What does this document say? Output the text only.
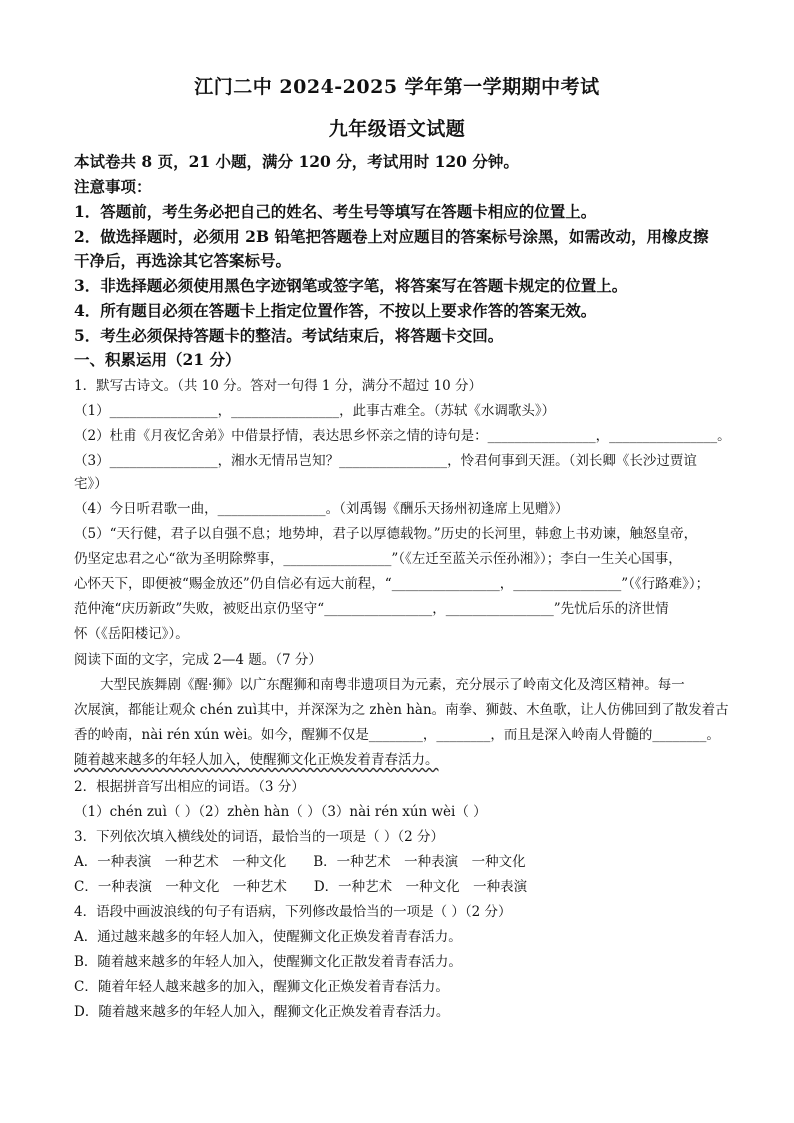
江门二中 2024-2025 学年第一学期期中考试
九年级语文试题
本试卷共 8 页，21 小题，满分 120 分，考试用时 120 分钟。
注意事项：
1．答题前，考生务必把自己的姓名、考生号等填写在答题卡相应的位置上。
2．做选择题时，必须用 2B 铅笔把答题卷上对应题目的答案标号涂黑，如需改动，用橡皮擦
干净后，再选涂其它答案标号。
3．非选择题必须使用黑色字迹钢笔或签字笔，将答案写在答题卡规定的位置上。
4．所有题目必须在答题卡上指定位置作答，不按以上要求作答的答案无效。
5．考生必须保持答题卡的整洁。考试结束后，将答题卡交回。
一、积累运用（21 分）
1．默写古诗文。（共 10 分。答对一句得 1 分，满分不超过 10 分）
（1）________________，________________，此事古难全。（苏轼《水调歌头》）
（2）杜甫《月夜忆舍弟》中借景抒情，表达思乡怀亲之情的诗句是：________________，________________。
（3）________________，湘水无情吊岂知？________________，怜君何事到天涯。（刘长卿《长沙过贾谊
宅》）
（4）今日听君歌一曲，________________。（刘禹锡《酬乐天扬州初逢席上见赠》）
（5）“天行健，君子以自强不息；地势坤，君子以厚德载物。”历史的长河里，韩愈上书劝谏，触怒皇帝，
仍坚定忠君之心“欲为圣明除弊事，________________”（《左迁至蓝关示侄孙湘》）；李白一生关心国事，
心怀天下，即便被“赐金放还”仍自信必有远大前程，“________________，________________”（《行路难》）；
范仲淹“庆历新政”失败，被贬出京仍坚守“________________，________________”先忧后乐的济世情
怀（《岳阳楼记》）。
阅读下面的文字，完成 2—4 题。（7 分）
大型民族舞剧《醒·狮》以广东醒狮和南粤非遗项目为元素，充分展示了岭南文化及湾区精神。每一
次展演，都能让观众 chén zuì其中，并深深为之 zhèn hàn。南拳、狮鼓、木鱼歌，让人仿佛回到了散发着古
香的岭南，nài rén xún wèi。如今，醒狮不仅是________，________，而且是深入岭南人骨髓的________。
随着越来越多的年轻人加入，使醒狮文化正焕发着青春活力。
2．根据拼音写出相应的词语。（3 分）
（1）chén zuì（ ）（2）zhèn hàn（ ）（3）nài rén xún wèi（ ）
3．下列依次填入横线处的词语，最恰当的一项是（ ）（2 分）
A．一种表演　一种艺术　一种文化　　B．一种艺术　一种表演　一种文化
C．一种表演　一种文化　一种艺术　　D．一种艺术　一种文化　一种表演
4．语段中画波浪线的句子有语病，下列修改最恰当的一项是（ ）（2 分）
A．通过越来越多的年轻人加入，使醒狮文化正焕发着青春活力。
B．随着越来越多的年轻人加入，使醒狮文化正散发着青春活力。
C．随着年轻人越来越多的加入，醒狮文化正焕发着青春活力。
D．随着越来越多的年轻人加入，醒狮文化正焕发着青春活力。
